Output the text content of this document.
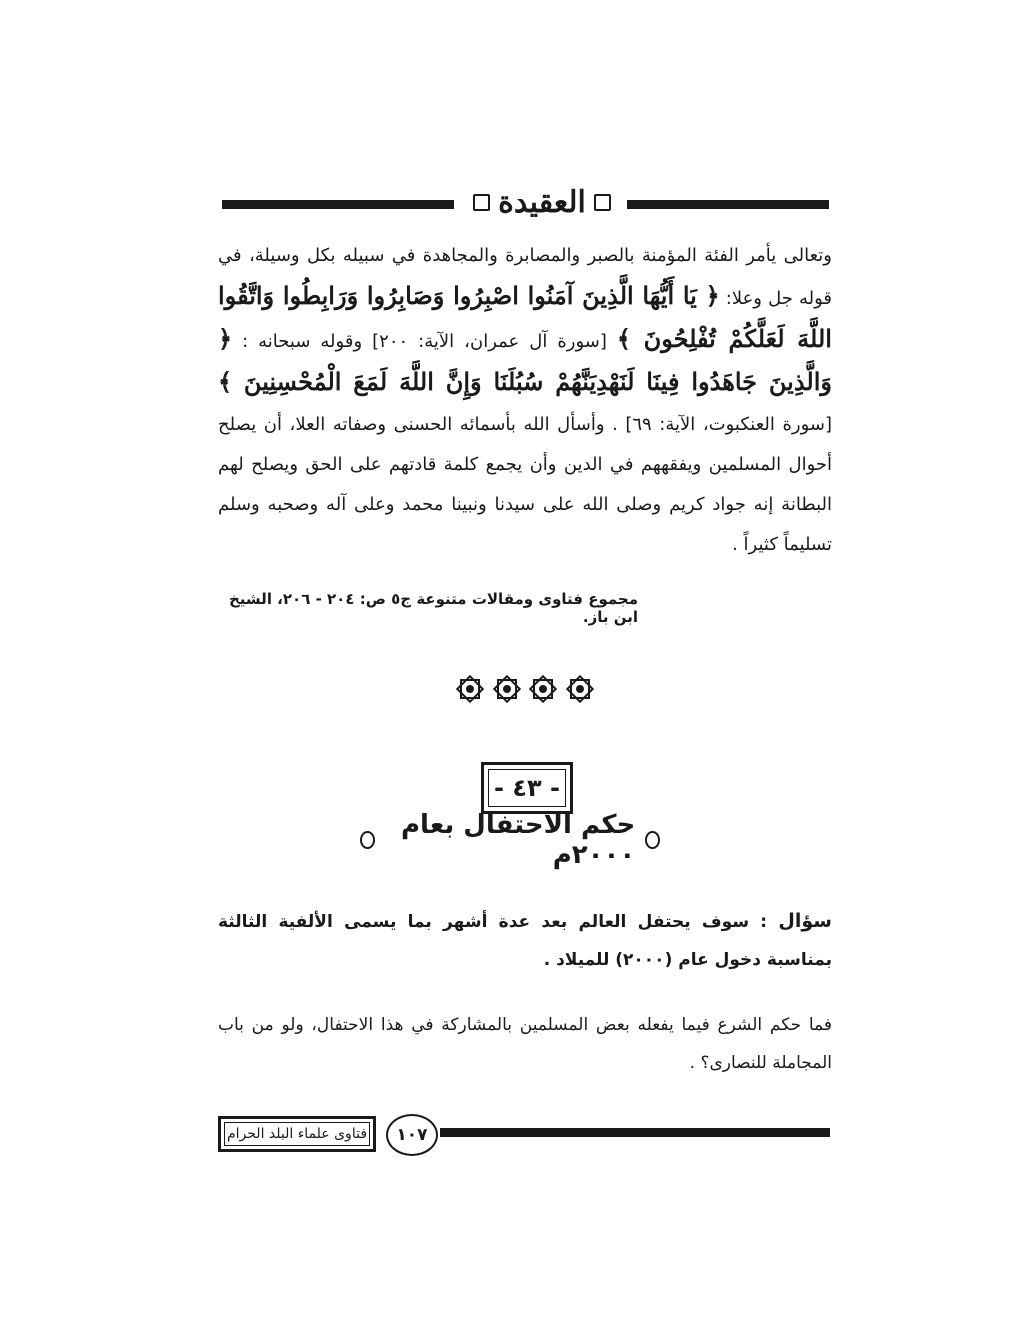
العقيدة
وتعالى يأمر الفئة المؤمنة بالصبر والمصابرة والمجاهدة في سبيله بكل وسيلة، في قوله جل وعلا: ﴿ يَا أَيُّهَا الَّذِينَ آمَنُوا اصْبِرُوا وَصَابِرُوا وَرَابِطُوا وَاتَّقُوا اللَّهَ لَعَلَّكُمْ تُفْلِحُونَ ﴾ [سورة آل عمران، الآية: ٢٠٠] وقوله سبحانه : ﴿ وَالَّذِينَ جَاهَدُوا فِينَا لَنَهْدِيَنَّهُمْ سُبُلَنَا وَإِنَّ اللَّهَ لَمَعَ الْمُحْسِنِينَ ﴾ [سورة العنكبوت، الآية: ٦٩] . وأسأل الله بأسمائه الحسنى وصفاته العلا، أن يصلح أحوال المسلمين ويفقههم في الدين وأن يجمع كلمة قادتهم على الحق ويصلح لهم البطانة إنه جواد كريم وصلى الله على سيدنا ونبينا محمد وعلى آله وصحبه وسلم تسليماً كثيراً .
مجموع فتاوى ومقالات متنوعة ج٥ ص: ٢٠٤ - ٢٠٦، الشيخ ابن باز.
- ٤٣ -
حكم الاحتفال بعام ٢٠٠٠م
سؤال : سوف يحتفل العالم بعد عدة أشهر بما يسمى الألفية الثالثة بمناسبة دخول عام (٢٠٠٠) للميلاد .
فما حكم الشرع فيما يفعله بعض المسلمين بالمشاركة في هذا الاحتفال، ولو من باب المجاملة للنصارى؟ .
١٠٧
فتاوى علماء البلد الحرام
